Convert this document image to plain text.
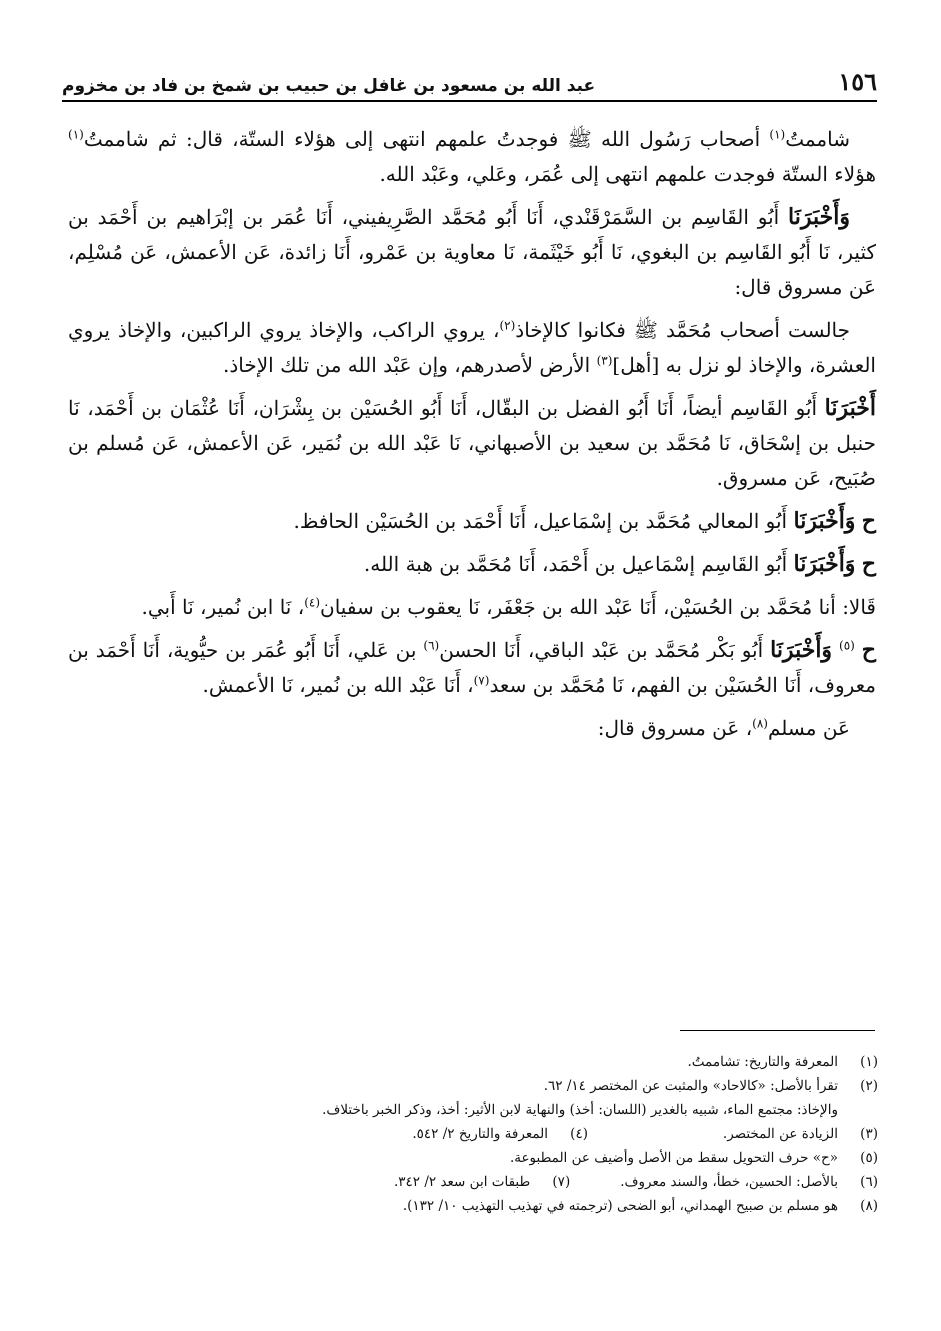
١٥٦
عبد الله بن مسعود بن غافل بن حبيب بن شمخ بن فاد بن مخزوم

شاممتُ$^{(١)}$ أصحاب رَسُول الله ﷺ فوجدتُ علمهم انتهى إلى هؤلاء الستّة، قال: ثم شاممتُ$^{(١)}$ هؤلاء الستّة فوجدت علمهم انتهى إلى عُمَر، وعَلي، وعَبْد الله.

وَأَخْبَرَنَا أَبُو القَاسِم بن السَّمَرْقَنْدي، أَنَا أَبُو مُحَمَّد الصَّرِيفيني، أَنَا عُمَر بن إبْرَاهيم بن أَحْمَد بن كثير، نَا أَبُو القَاسِم بن البغوي، نَا أَبُو خَيْثَمة، نَا معاوية بن عَمْرو، أَنَا زائدة، عَن الأعمش، عَن مُسْلِم، عَن مسروق قال:

جالست أصحاب مُحَمَّد ﷺ فكانوا كالإخاذ$^{(٢)}$، يروي الراكب، والإخاذ يروي الراكبين، والإخاذ يروي العشرة، والإخاذ لو نزل به [أهل]$^{(٣)}$ الأرض لأصدرهم، وإن عَبْد الله من تلك الإخاذ.

أَخْبَرَنَا أَبُو القَاسِم أيضاً، أَنَا أَبُو الفضل بن البقّال، أَنَا أَبُو الحُسَيْن بن بِشْرَان، أَنَا عُثْمَان بن أَحْمَد، نَا حنبل بن إسْحَاق، نَا مُحَمَّد بن سعيد بن الأصبهاني، نَا عَبْد الله بن نُمَير، عَن الأعمش، عَن مُسلم بن صُبَيح، عَن مسروق.

ح وَأَخْبَرَنَا أَبُو المعالي مُحَمَّد بن إسْمَاعيل، أَنَا أَحْمَد بن الحُسَيْن الحافظ.

ح وَأَخْبَرَنَا أَبُو القَاسِم إسْمَاعيل بن أَحْمَد، أَنَا مُحَمَّد بن هبة الله.

قَالا: أنا مُحَمَّد بن الحُسَيْن، أَنَا عَبْد الله بن جَعْفَر، نَا يعقوب بن سفيان$^{(٤)}$، نَا ابن نُمير، نَا أَبي.

ح $^{(٥)}$ وَأَخْبَرَنَا أَبُو بَكْر مُحَمَّد بن عَبْد الباقي، أَنَا الحسن$^{(٦)}$ بن عَلي، أَنَا أَبُو عُمَر بن حيُّوية، أَنَا أَحْمَد بن معروف، أَنَا الحُسَيْن بن الفهم، نَا مُحَمَّد بن سعد$^{(٧)}$، أَنَا عَبْد الله بن نُمير، نَا الأعمش.

عَن مسلم$^{(٨)}$، عَن مسروق قال:

(١)
المعرفة والتاريخ: تشاممتُ.
(٢)
تقرأ بالأصل: «كالاحاد» والمثبت عن المختصر ١٤/ ٦٢.
والإخاذ: مجتمع الماء، شبيه بالغدير (اللسان: أخذ) والنهاية لابن الأثير: أخذ، وذكر الخبر باختلاف.
(٣)
الزيادة عن المختصر.
(٤)
المعرفة والتاريخ ٢/ ٥٤٢.
(٥)
«ح» حرف التحويل سقط من الأصل وأضيف عن المطبوعة.
(٦)
بالأصل: الحسين، خطأ، والسند معروف.
(٧)
طبقات ابن سعد ٢/ ٣٤٢.
(٨)
هو مسلم بن صبيح الهمداني، أبو الضحى (ترجمته في تهذيب التهذيب ١٠/ ١٣٢).
